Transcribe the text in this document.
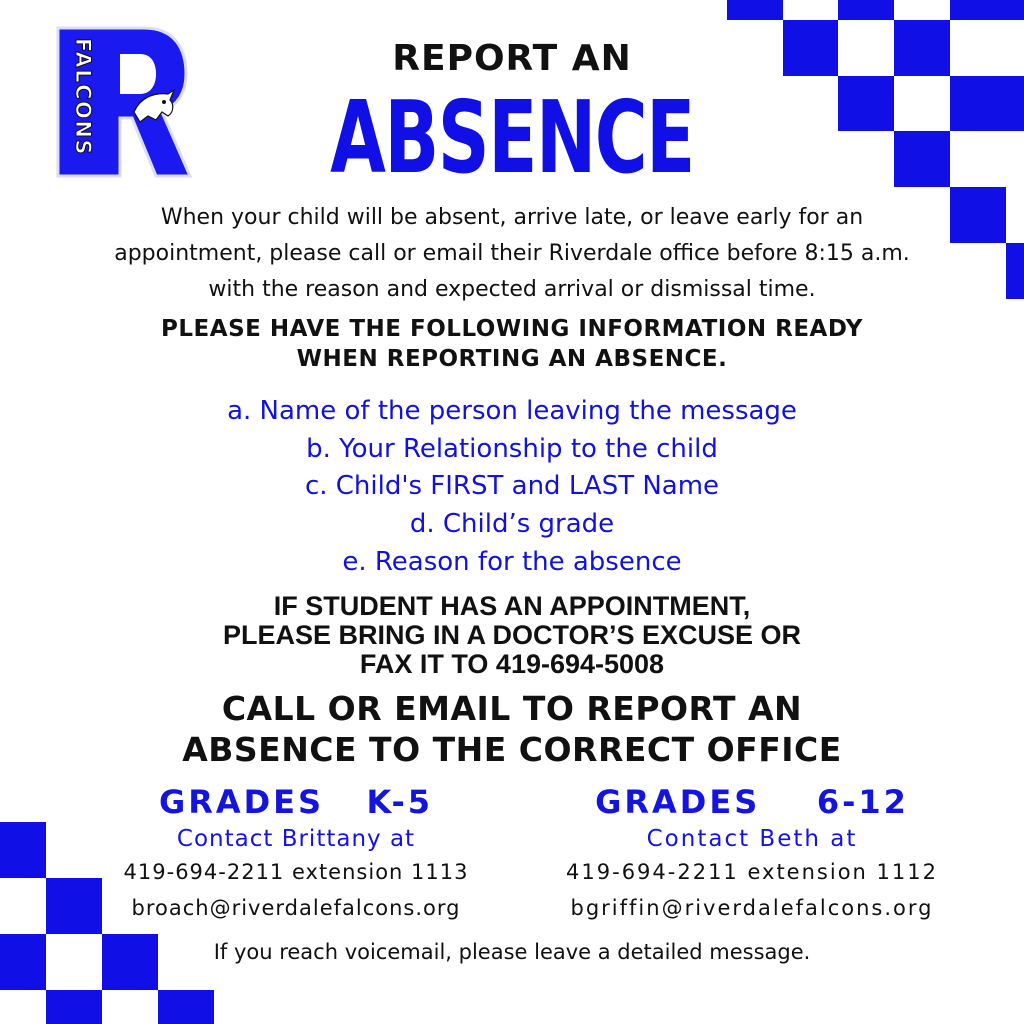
FALCONS	REPORT AN
ABSENCE
When your child will be absent, arrive late, or leave early for an
appointment, please call or email their Riverdale office before 8:15 a.m.
with the reason and expected arrival or dismissal time.
PLEASE HAVE THE FOLLOWING INFORMATION READY
WHEN REPORTING AN ABSENCE.
a. Name of the person leaving the message
b. Your Relationship to the child
c. Child's FIRST and LAST Name
d. Child’s grade
e. Reason for the absence
IF STUDENT HAS AN APPOINTMENT,
PLEASE BRING IN A DOCTOR’S EXCUSE OR
FAX IT TO 419-694-5008
CALL OR EMAIL TO REPORT AN
ABSENCE TO THE CORRECT OFFICE
GRADES   K-5
Contact Brittany at
419-694-2211 extension 1113
broach@riverdalefalcons.org
GRADES    6-12
Contact Beth at
419-694-2211 extension 1112
bgriffin@riverdalefalcons.org
If you reach voicemail, please leave a detailed message.
